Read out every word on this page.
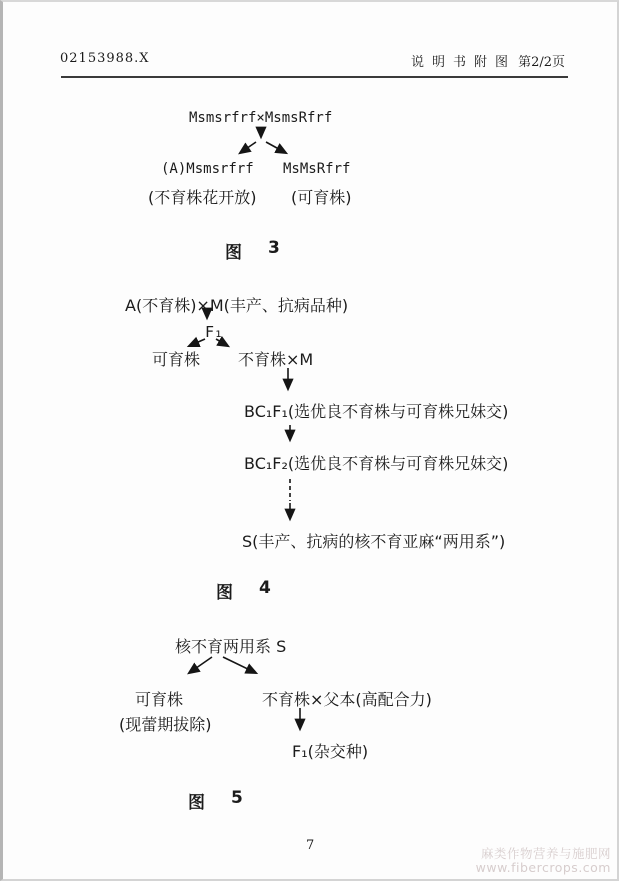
02153988.X	说明书附图 第2/2页
Msmsrfrf×MsmsRfrf
(A)Msmsrfrf MsMsRfrf
(不育株花开放) (可育株)
图 3
A(不育株)×M(丰产、抗病品种)
F₁
可育株 不育株×M
BC₁F₁(选优良不育株与可育株兄妹交)
BC₁F₂(选优良不育株与可育株兄妹交)
S(丰产、抗病的核不育亚麻“两用系”)
图 4
核不育两用系 S
可育株	不育株×父本(高配合力)
(现蕾期拔除)
F₁(杂交种)
图 5
7
麻类作物营养与施肥网
www.fibercrops.com
